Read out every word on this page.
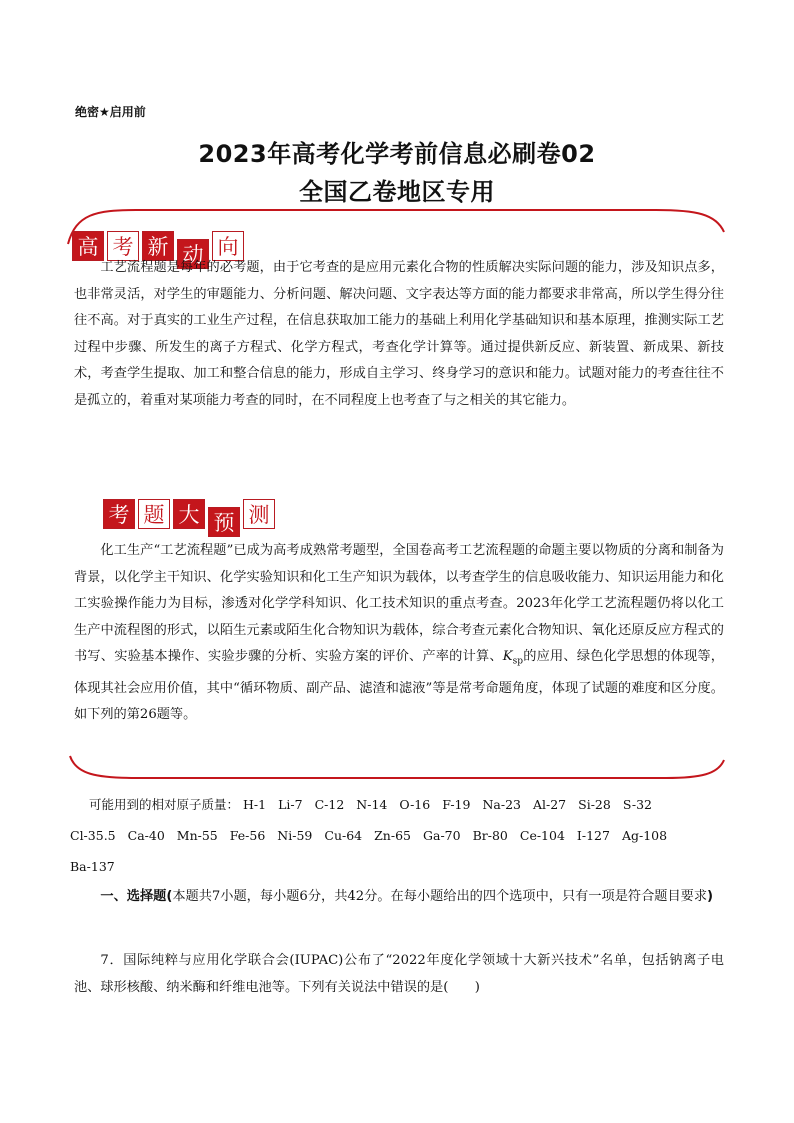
绝密★启用前
2023年高考化学考前信息必刷卷02
全国乙卷地区专用
高 考 新 动 向
工艺流程题是每年的必考题，由于它考查的是应用元素化合物的性质解决实际问题的能力，涉及知识点多，也非常灵活，对学生的审题能力、分析问题、解决问题、文字表达等方面的能力都要求非常高，所以学生得分往往不高。对于真实的工业生产过程，在信息获取加工能力的基础上利用化学基础知识和基本原理，推测实际工艺过程中步骤、所发生的离子方程式、化学方程式，考查化学计算等。通过提供新反应、新装置、新成果、新技术，考查学生提取、加工和整合信息的能力，形成自主学习、终身学习的意识和能力。试题对能力的考查往往不是孤立的，着重对某项能力考查的同时，在不同程度上也考查了与之相关的其它能力。
考 题 大 预 测
化工生产“工艺流程题”已成为高考成熟常考题型，全国卷高考工艺流程题的命题主要以物质的分离和制备为背景，以化学主干知识、化学实验知识和化工生产知识为载体，以考查学生的信息吸收能力、知识运用能力和化工实验操作能力为目标，渗透对化学学科知识、化工技术知识的重点考查。2023年化学工艺流程题仍将以化工生产中流程图的形式，以陌生元素或陌生化合物知识为载体，综合考查元素化合物知识、氧化还原反应方程式的书写、实验基本操作、实验步骤的分析、实验方案的评价、产率的计算、$K_{sp}$的应用、绿色化学思想的体现等，体现其社会应用价值，其中“循环物质、副产品、滤渣和滤液”等是常考命题角度，体现了试题的难度和区分度。如下列的第26题等。
可能用到的相对原子质量： H-1 Li-7 C-12 N-14 O-16 F-19 Na-23 Al-27 Si-28 S-32
Cl-35.5 Ca-40 Mn-55 Fe-56 Ni-59 Cu-64 Zn-65 Ga-70 Br-80 Ce-104 I-127 Ag-108
Ba-137
一、选择题(本题共7小题，每小题6分，共42分。在每小题给出的四个选项中，只有一项是符合题目要求)
7．国际纯粹与应用化学联合会(IUPAC)公布了“2022年度化学领域十大新兴技术”名单，包括钠离子电池、球形核酸、纳米酶和纤维电池等。下列有关说法中错误的是(　　)
